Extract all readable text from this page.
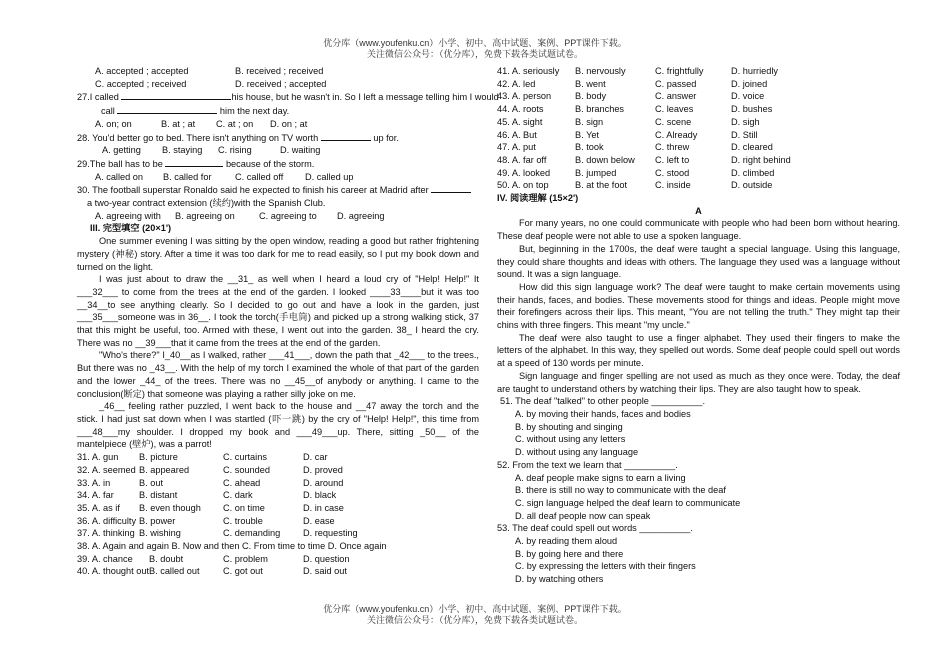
优分库（www.youfenku.cn）小学、初中、高中试题、案例、PPT课件下载。
关注微信公众号：（优分库），免费下载各类试题试卷。
A. accepted ; accepted	B. received ; received
C. accepted ; received	D. received ; accepted
27.I called	his house, but he wasn't in. So I left a message telling him I would
call	him the next day.
A. on; on	B. at ; at C. at ; on D. on ; at
28. You'd better go to bed. There isn't anything on TV worth	up for.
A. getting B. staying C. rising	D. waiting
29.The ball has to be	because of the storm.
A. called on B. called for	C. called off D. called up
30. The football superstar Ronaldo said he expected to finish his career at Madrid after
a two-year contract extension (续约)with the Spanish Club.
A. agreeing with B. agreeing on	C. agreeing to D. agreeing
III. 完型填空 (20×1')
One summer evening I was sitting by the open window, reading a good but rather frightening mystery (神秘) story. After a time it was too dark for me to read easily, so I put my book down and turned on the light.
I was just about to draw the __31_ as well when I heard a loud cry of "Help! Help!" It ___32___ to come from the trees at the end of the garden. I looked ____33____but it was too __34__to see anything clearly. So I decided to go out and have a look in the garden, just ___35___someone was in 36__. I took the torch(手电筒) and picked up a strong walking stick, 37 that this might be useful, too. Armed with these, I went out into the garden. 38_ I heard the cry. There was no __39___that it came from the trees at the end of the garden.
"Who's there?" I_40__as I walked, rather ___41___, down the path that _42___ to the trees., But there was no _43__. With the help of my torch I examined the whole of that part of the garden and the lower _44_ of the trees. There was no __45__of anybody or anything. I came to the conclusion(断定) that someone was playing a rather silly joke on me.
_46__ feeling rather puzzled, I went back to the house and __47 away the torch and the stick. I had just sat down when I was startled (吓一跳) by the cry of "Help! Help!", this time from ___48___my shoulder. I dropped my book and ___49___up. There, sitting _50__ of the mantelpiece (壁炉), was a parrot!
31. A. gun B. picture	C. curtains	D. car
32. A. seemed B. appeared	C. sounded	D. proved
33. A. in	B. out	C. ahead	D. around
34. A. far	B. distant	C. dark	D. black
35. A. as if B. even though C. on time	D. in case
36. A. difficulty B. power	C. trouble	D. ease
37. A. thinking B. wishing	C. demanding D. requesting
38. A. Again and again B. Now and then C. From time to time D. Once again
39. A. chance B. doubt	C. problem	D. question
40. A. thought outB. called out	C. got out	D. said out
41. A. seriously B. nervously	C. frightfully	D. hurriedly
42. A. led	B. went	C. passed	D. joined
43. A. person	B. body	C. answer	D. voice
44. A. roots	B. branches	C. leaves	D. bushes
45. A. sight	B. sign	C. scene	D. sigh
46. A. But	B. Yet	C. Already	D. Still
47. A. put	B. took	C. threw	D. cleared
48. A. far off	B. down below C. left to	D. right behind
49. A. looked	B. jumped	C. stood	D. climbed
50. A. on top	B. at the foot	C. inside	D. outside
IV. 阅读理解 (15×2')
A
For many years, no one could communicate with people who had been born without hearing. These deaf people were not able to use a spoken language.
But, beginning in the 1700s, the deaf were taught a special language. Using this language, they could share thoughts and ideas with others. The language they used was a language without sound. It was a sign language.
How did this sign language work? The deaf were taught to make certain movements using their hands, faces, and bodies. These movements stood for things and ideas. People might move their forefingers across their lips. This meant, "You are not telling the truth." They might tap their chins with three fingers. This meant "my uncle."
The deaf were also taught to use a finger alphabet. They used their fingers to make the letters of the alphabet. In this way, they spelled out words. Some deaf people could spell out words at a speed of 130 words per minute.
Sign language and finger spelling are not used as much as they once were. Today, the deaf are taught to understand others by watching their lips. They are also taught how to speak.
51. The deaf "talked" to other people __________.
A. by moving their hands, faces and bodies
B. by shouting and singing
C. without using any letters
D. without using any language
52. From the text we learn that __________.
A. deaf people make signs to earn a living
B. there is still no way to communicate with the deaf
C. sign language helped the deaf learn to communicate
D. all deaf people now can speak
53. The deaf could spell out words __________.
A. by reading them aloud
B. by going here and there
C. by expressing the letters with their fingers
D. by watching others
优分库（www.youfenku.cn）小学、初中、高中试题、案例、PPT课件下载。
关注微信公众号：（优分库），免费下载各类试题试卷。
